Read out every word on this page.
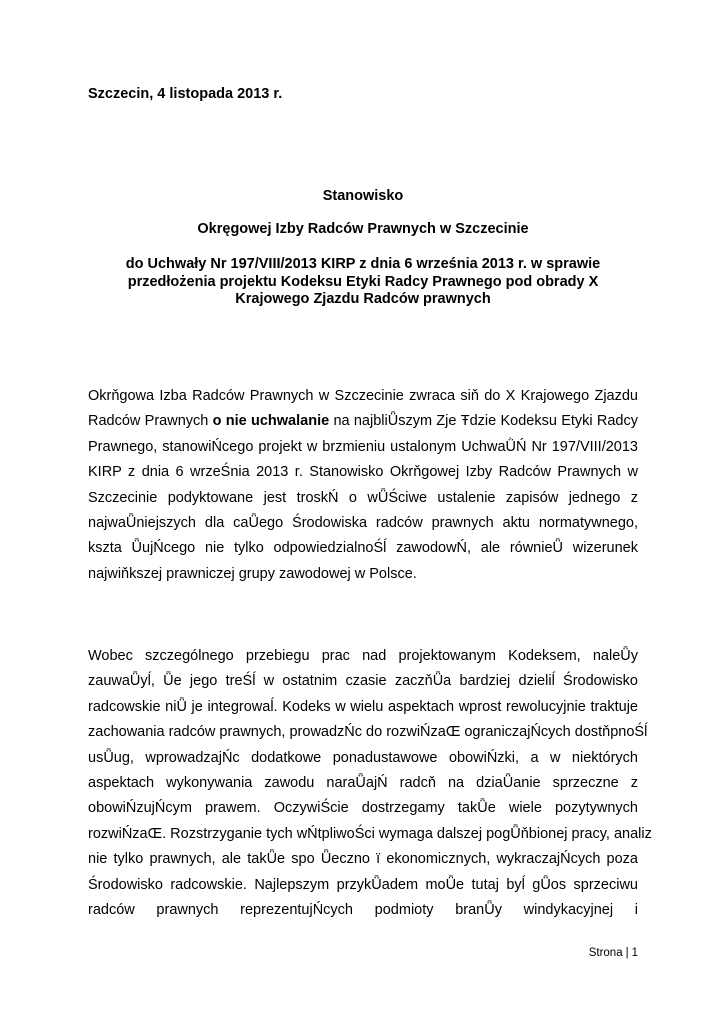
Szczecin, 4 listopada 2013 r.
Stanowisko
Okręgowej Izby Radców Prawnych w Szczecinie
do Uchwały Nr 197/VIII/2013 KIRP z dnia 6 września 2013 r. w sprawie
przedłożenia projektu Kodeksu Etyki Radcy Prawnego pod obrady X
Krajowego Zjazdu Radców prawnych
Okrňgowa Izba Radców Prawnych w Szczecinie zwraca siň do X Krajowego Zjazdu
Radców Prawnych o nie uchwalanie na najbliǕszym Zje Ŧdzie Kodeksu Etyki Radcy
Prawnego, stanowiŃcego projekt w brzmieniu ustalonym UchwaǛŃ Nr 197/VIII/2013
KIRP z dnia 6 wrzeŚnia 2013 r. Stanowisko Okrňgowej Izby Radców Prawnych w
Szczecinie podyktowane jest troskŃ o wǕŚciwe ustalenie zapisów jednego z
najwaǕniejszych dla caǕego Środowiska radców prawnych aktu normatywnego,
kszta ǕujŃcego nie tylko odpowiedzialnoŚĺ zawodowŃ, ale równieǕ wizerunek
najwiňkszej prawniczej grupy zawodowej w Polsce.
Wobec szczególnego przebiegu prac nad projektowanym Kodeksem, naleǕy
zauwaǕyĺ, Ǖe jego treŚĺ w ostatnim czasie zaczňǕa bardziej dzieliĺ Środowisko
radcowskie niǕ je integrowaĺ. Kodeks w wielu aspektach wprost rewolucyjnie traktuje
zachowania radców prawnych, prowadzŃc do rozwiŃzaŒ ograniczajŃcych dostňpnoŚĺ
usǕug, wprowadzajŃc dodatkowe ponadustawowe obowiŃzki, a w niektórych
aspektach wykonywania zawodu naraǕajŃ radcň na dziaǕanie sprzeczne z
obowiŃzujŃcym prawem. OczywiŚcie dostrzegamy takǕe wiele pozytywnych
rozwiŃzaŒ. Rozstrzyganie tych wŃtpliwoŚci wymaga dalszej pogǕňbionej pracy, analiz
nie tylko prawnych, ale takǕe spo Ǖeczno ï ekonomicznych, wykraczajŃcych poza
Środowisko radcowskie. Najlepszym przykǕadem moǕe tutaj byĺ gǕos sprzeciwu
radców prawnych reprezentujŃcych podmioty branǕy windykacyjnej i
Strona | 1
